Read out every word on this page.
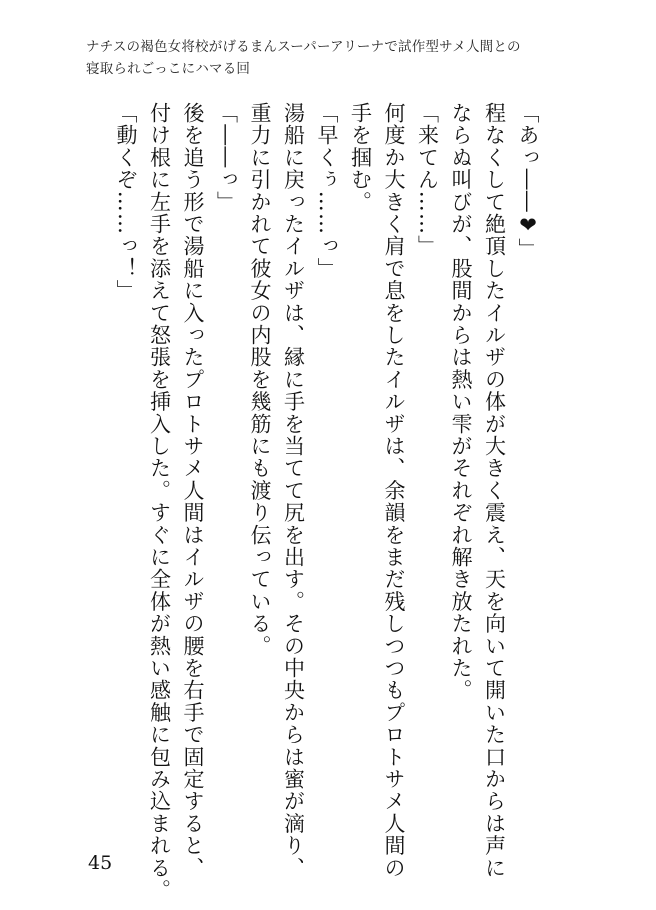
ナチスの褐色女将校がげるまんスーパーアリーナで試作型サメ人間との
寝取られごっこにハマる回

「あっ――❤」

程なくして絶頂したイルザの体が大きく震え、天を向いて開いた口からは声に

ならぬ叫びが、股間からは熱い雫がそれぞれ解き放たれた。

「来てん……」

何度か大きく肩で息をしたイルザは、余韻をまだ残しつつもプロトサメ人間の

手を掴む。

「早くぅ……っ」

湯船に戻ったイルザは、縁に手を当てて尻を出す。その中央からは蜜が滴り、

重力に引かれて彼女の内股を幾筋にも渡り伝っている。

「――っ」

後を追う形で湯船に入ったプロトサメ人間はイルザの腰を右手で固定すると、

付け根に左手を添えて怒張を挿入した。すぐに全体が熱い感触に包み込まれる。

「動くぞ……っ！」

45
